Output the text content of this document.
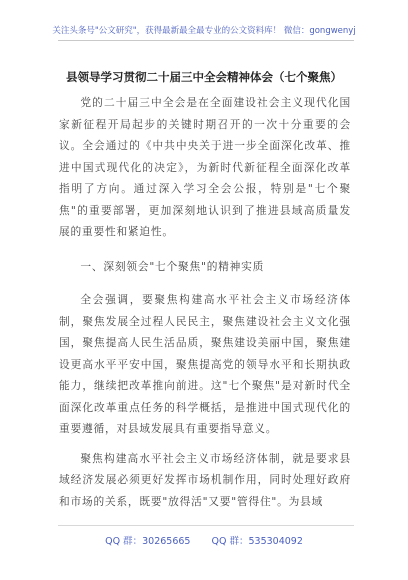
关注头条号"公文研究"，获得最新最全最专业的公文资料库！ 微信：gongwenyj
县领导学习贯彻二十届三中全会精神体会（七个聚焦）

党的二十届三中全会是在全面建设社会主义现代化国家新征程开局起步的关键时期召开的一次十分重要的会议。全会通过的《中共中央关于进一步全面深化改革、推进中国式现代化的决定》，为新时代新征程全面深化改革指明了方向。通过深入学习全会公报，特别是"七个聚焦"的重要部署，更加深刻地认识到了推进县域高质量发展的重要性和紧迫性。

一、深刻领会"七个聚焦"的精神实质

全会强调，要聚焦构建高水平社会主义市场经济体制，聚焦发展全过程人民民主，聚焦建设社会主义文化强国，聚焦提高人民生活品质，聚焦建设美丽中国，聚焦建设更高水平平安中国，聚焦提高党的领导水平和长期执政能力，继续把改革推向前进。这"七个聚焦"是对新时代全面深化改革重点任务的科学概括，是推进中国式现代化的重要遵循，对县域发展具有重要指导意义。

聚焦构建高水平社会主义市场经济体制，就是要求县域经济发展必须更好发挥市场机制作用，同时处理好政府和市场的关系，既要"放得活"又要"管得住"。为县域

QQ 群：30265665 QQ 群：535304092
